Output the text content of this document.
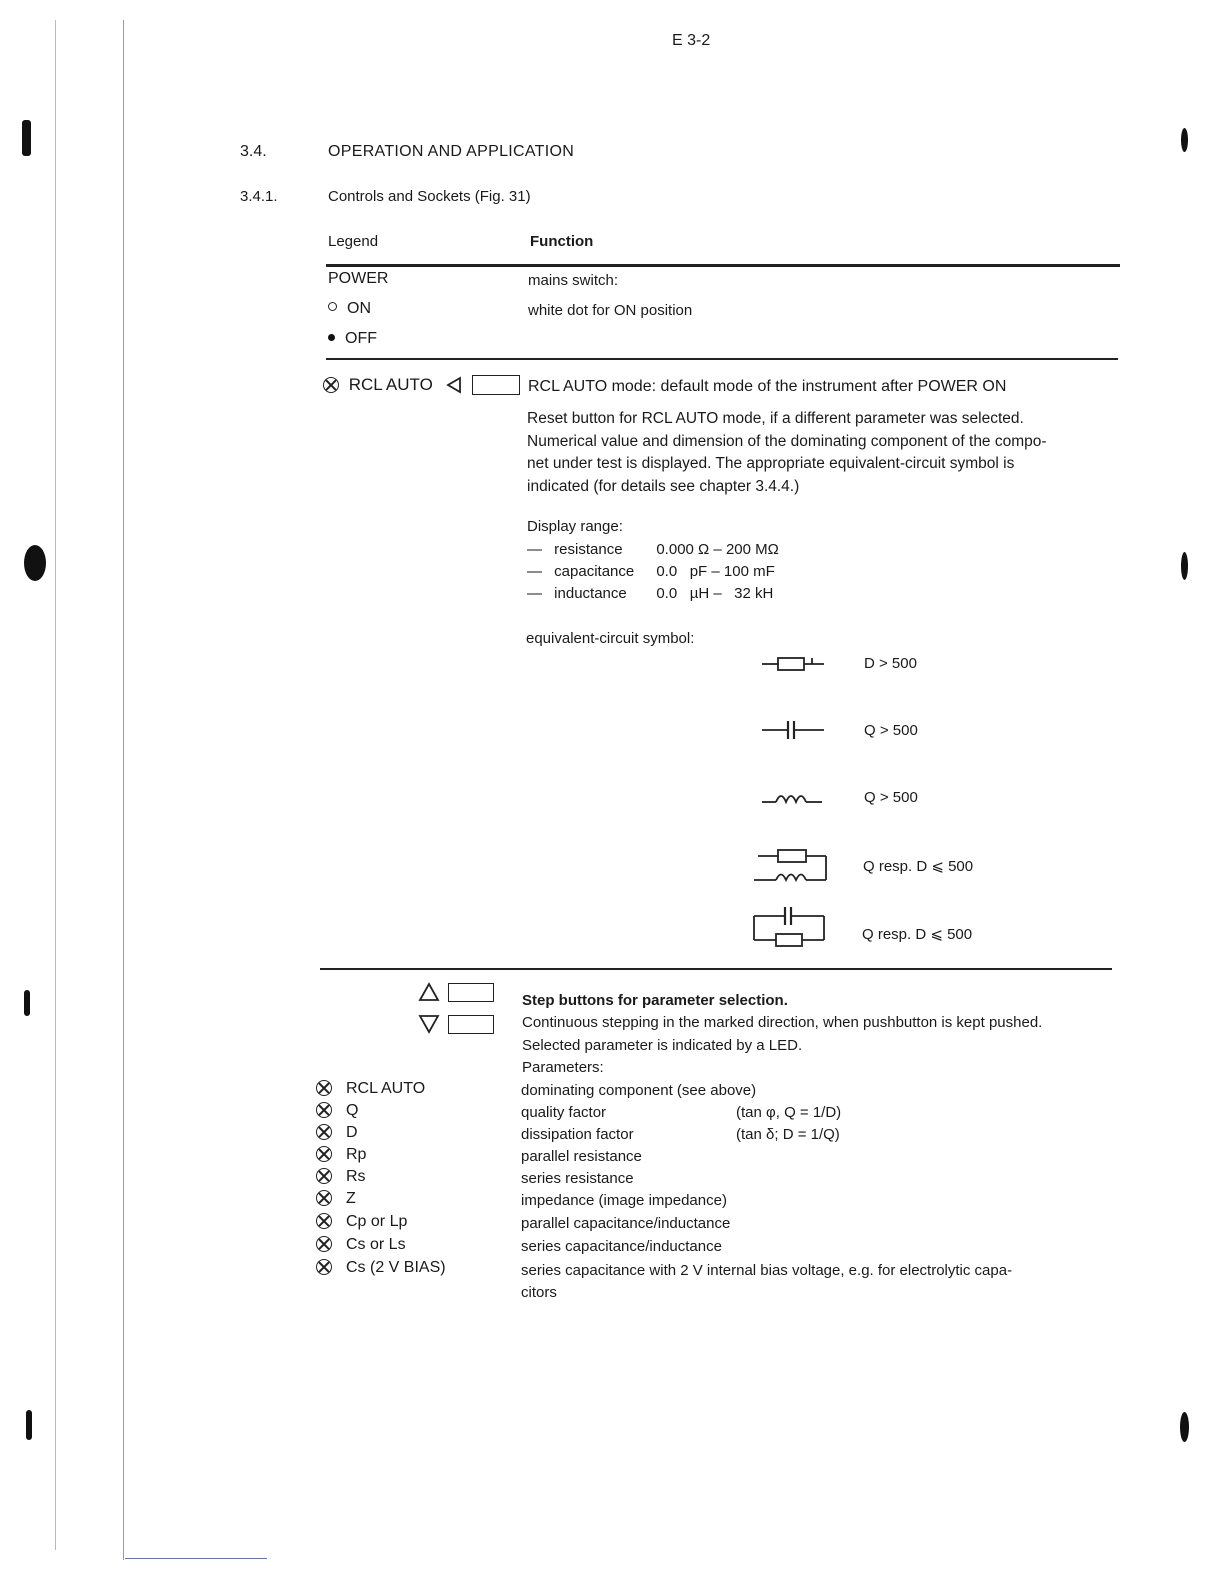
E 3-2
3.4.	OPERATION AND APPLICATION
3.4.1.	Controls and Sockets (Fig. 31)
Legend	Function
POWER	mains switch:
ON	white dot for ON position
OFF
RCL AUTO	RCL AUTO mode: default mode of the instrument after POWER ON
Reset button for RCL AUTO mode, if a different parameter was selected.
Numerical value and dimension of the dominating component of the compo-
net under test is displayed. The appropriate equivalent-circuit symbol is
indicated (for details see chapter 3.4.4.)
Display range:
— resistance 0.000 Ω – 200 MΩ
— capacitance 0.0   pF – 100 mF
— inductance 0.0   µH –   32 kH
equivalent-circuit symbol:
D > 500
Q > 500
Q > 500
Q resp. D ⩽ 500
Q resp. D ⩽ 500
Step buttons for parameter selection.
Continuous stepping in the marked direction, when pushbutton is kept pushed.
Selected parameter is indicated by a LED.
Parameters:
RCL AUTO	dominating component (see above)
Q	quality factor	(tan φ, Q = 1/D)
D	dissipation factor	(tan δ; D = 1/Q)
Rp	parallel resistance
Rs	series resistance
Z	impedance (image impedance)
Cp or Lp	parallel capacitance/inductance
Cs or Ls	series capacitance/inductance
Cs (2 V BIAS)	series capacitance with 2 V internal bias voltage, e.g. for electrolytic capa-
citors
